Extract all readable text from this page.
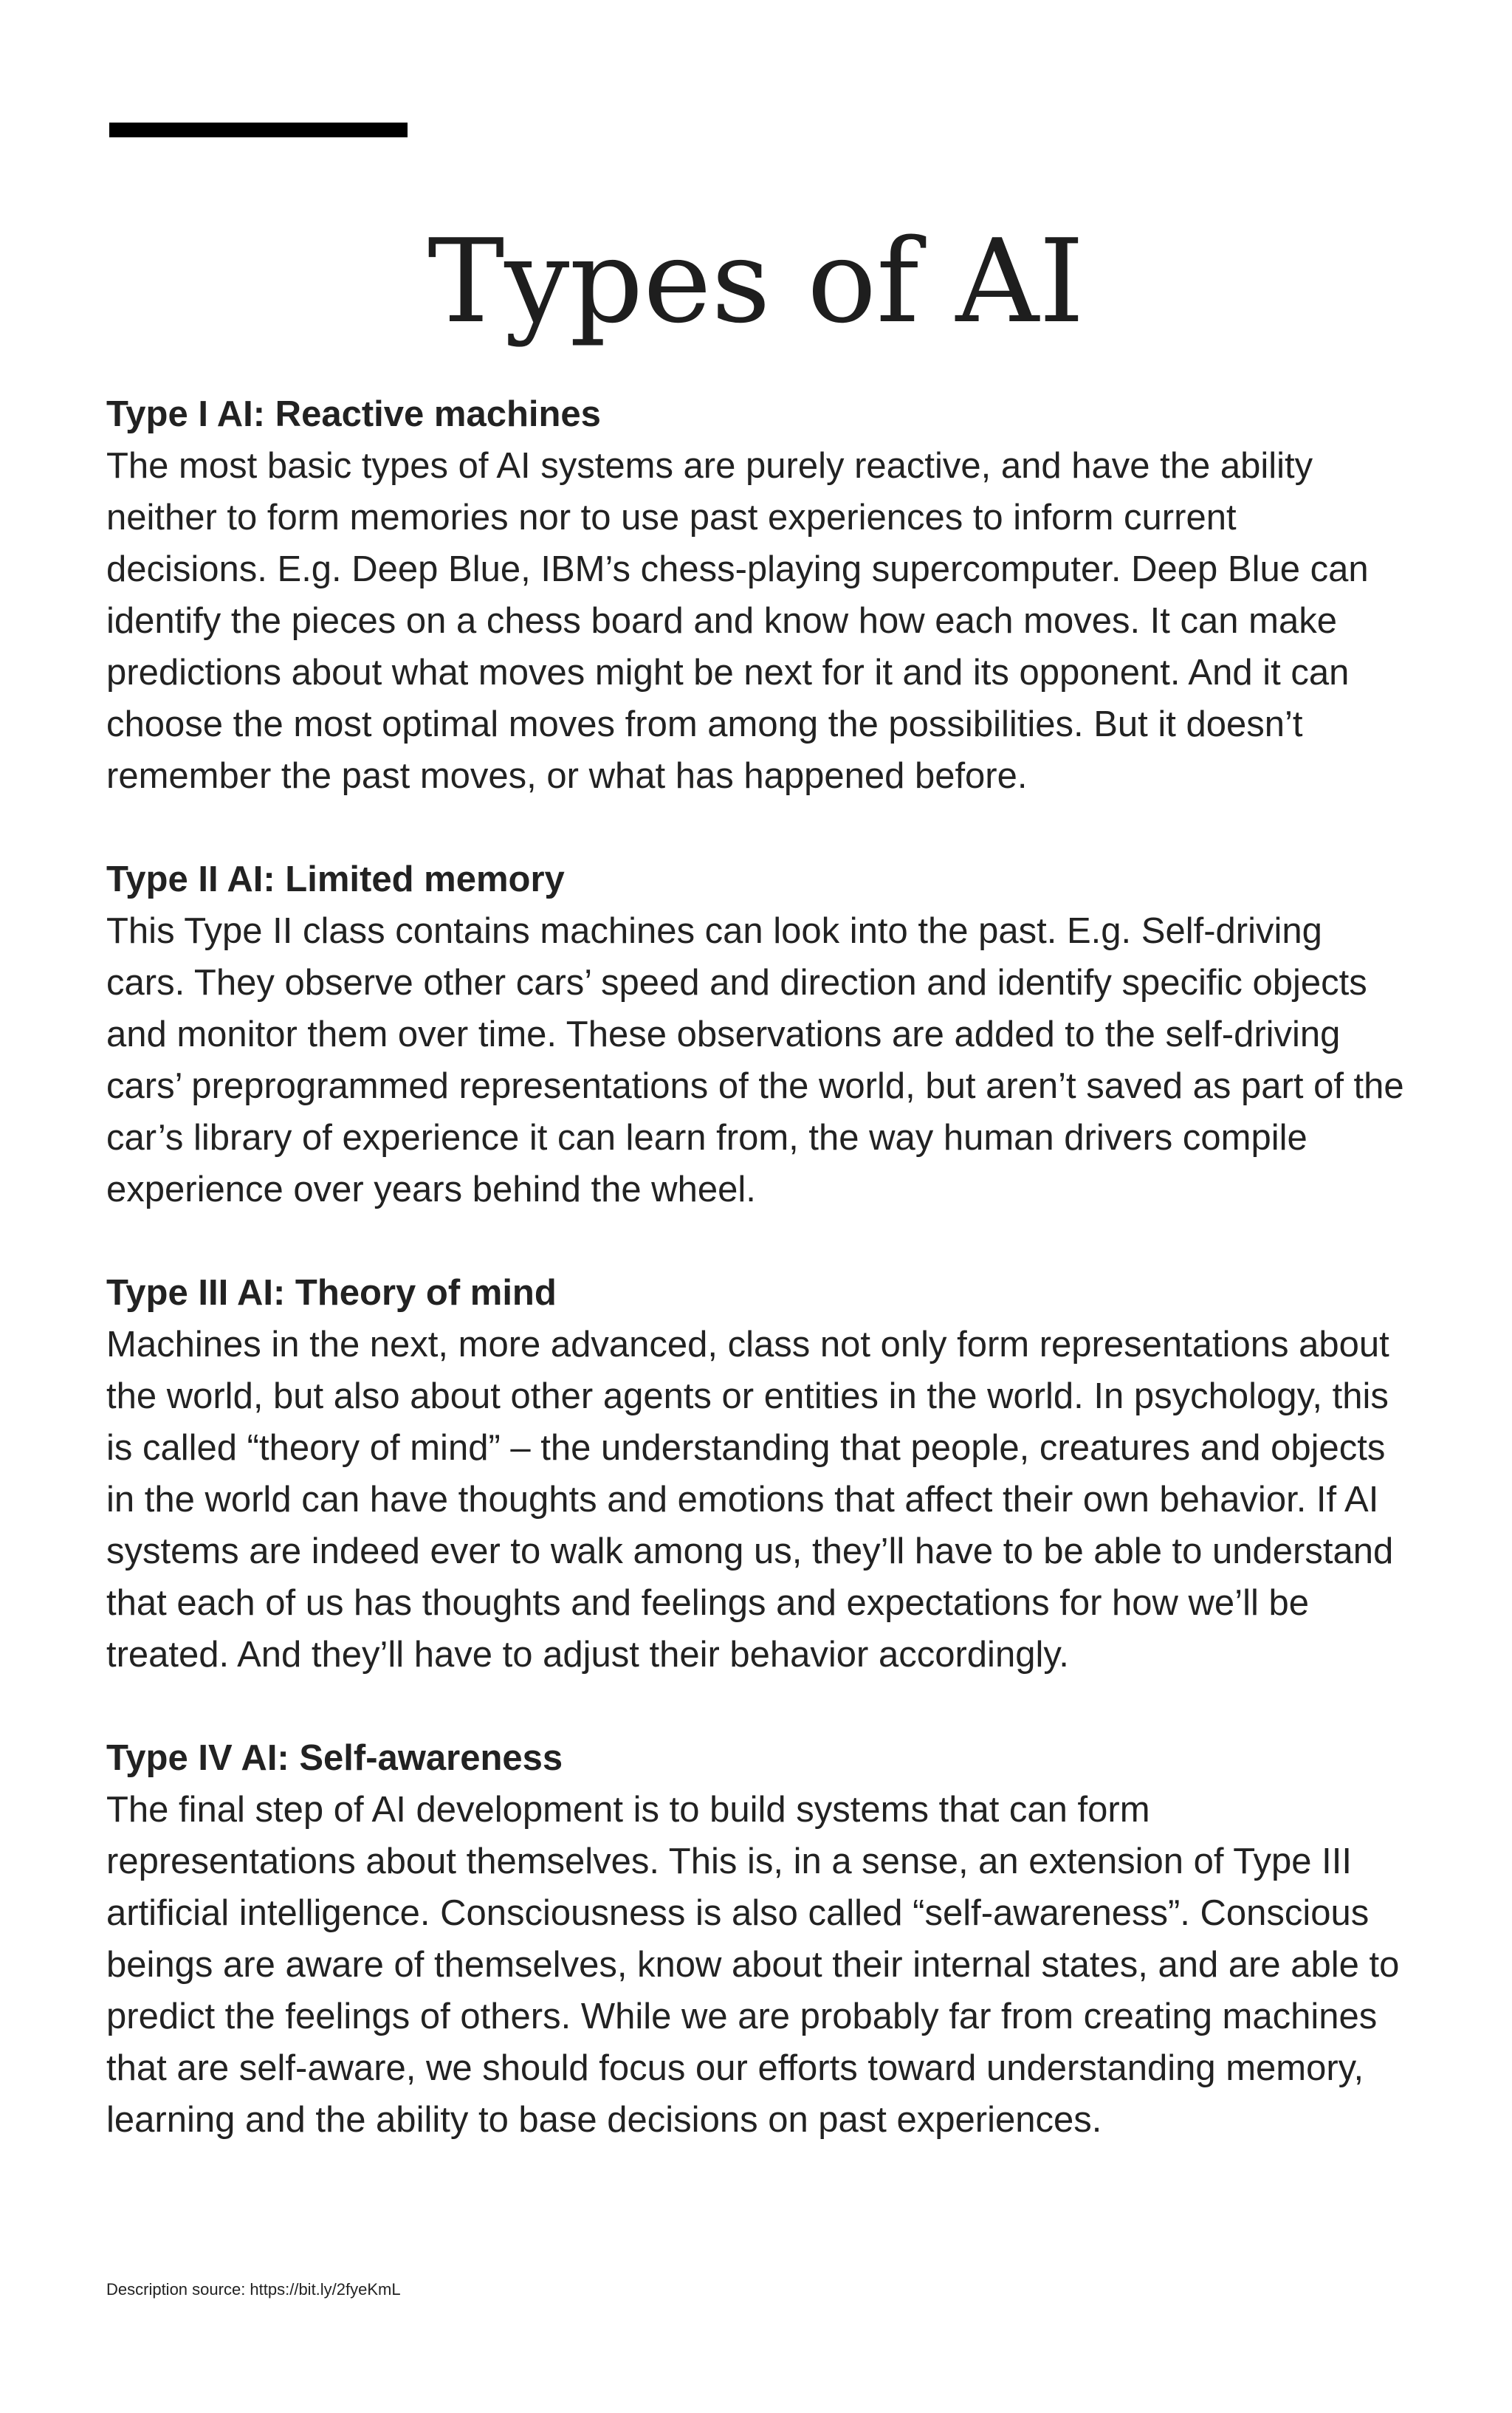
Types of AI

Type I AI: Reactive machines

The most basic types of AI systems are purely reactive, and have the ability neither to form memories nor to use past experiences to inform current decisions. E.g. Deep Blue, IBM’s chess-playing supercomputer. Deep Blue can identify the pieces on a chess board and know how each moves. It can make predictions about what moves might be next for it and its opponent. And it can choose the most optimal moves from among the possibilities. But it doesn’t remember the past moves, or what has happened before.

Type II AI: Limited memory

This Type II class contains machines can look into the past. E.g. Self-driving cars. They observe other cars’ speed and direction and identify specific objects and monitor them over time. These observations are added to the self-driving cars’ preprogrammed representations of the world, but aren’t saved as part of the car’s library of experience it can learn from, the way human drivers compile experience over years behind the wheel.

Type III AI: Theory of mind

Machines in the next, more advanced, class not only form representations about the world, but also about other agents or entities in the world. In psychology, this is called “theory of mind” – the understanding that people, creatures and objects in the world can have thoughts and emotions that affect their own behavior. If AI systems are indeed ever to walk among us, they’ll have to be able to understand that each of us has thoughts and feelings and expectations for how we’ll be treated. And they’ll have to adjust their behavior accordingly.

Type IV AI: Self-awareness

The final step of AI development is to build systems that can form representations about themselves. This is, in a sense, an extension of Type III artificial intelligence. Consciousness is also called “self-awareness”. Conscious beings are aware of themselves, know about their internal states, and are able to predict the feelings of others. While we are probably far from creating machines that are self-aware, we should focus our efforts toward understanding memory, learning and the ability to base decisions on past experiences.

Description source: https://bit.ly/2fyeKmL
